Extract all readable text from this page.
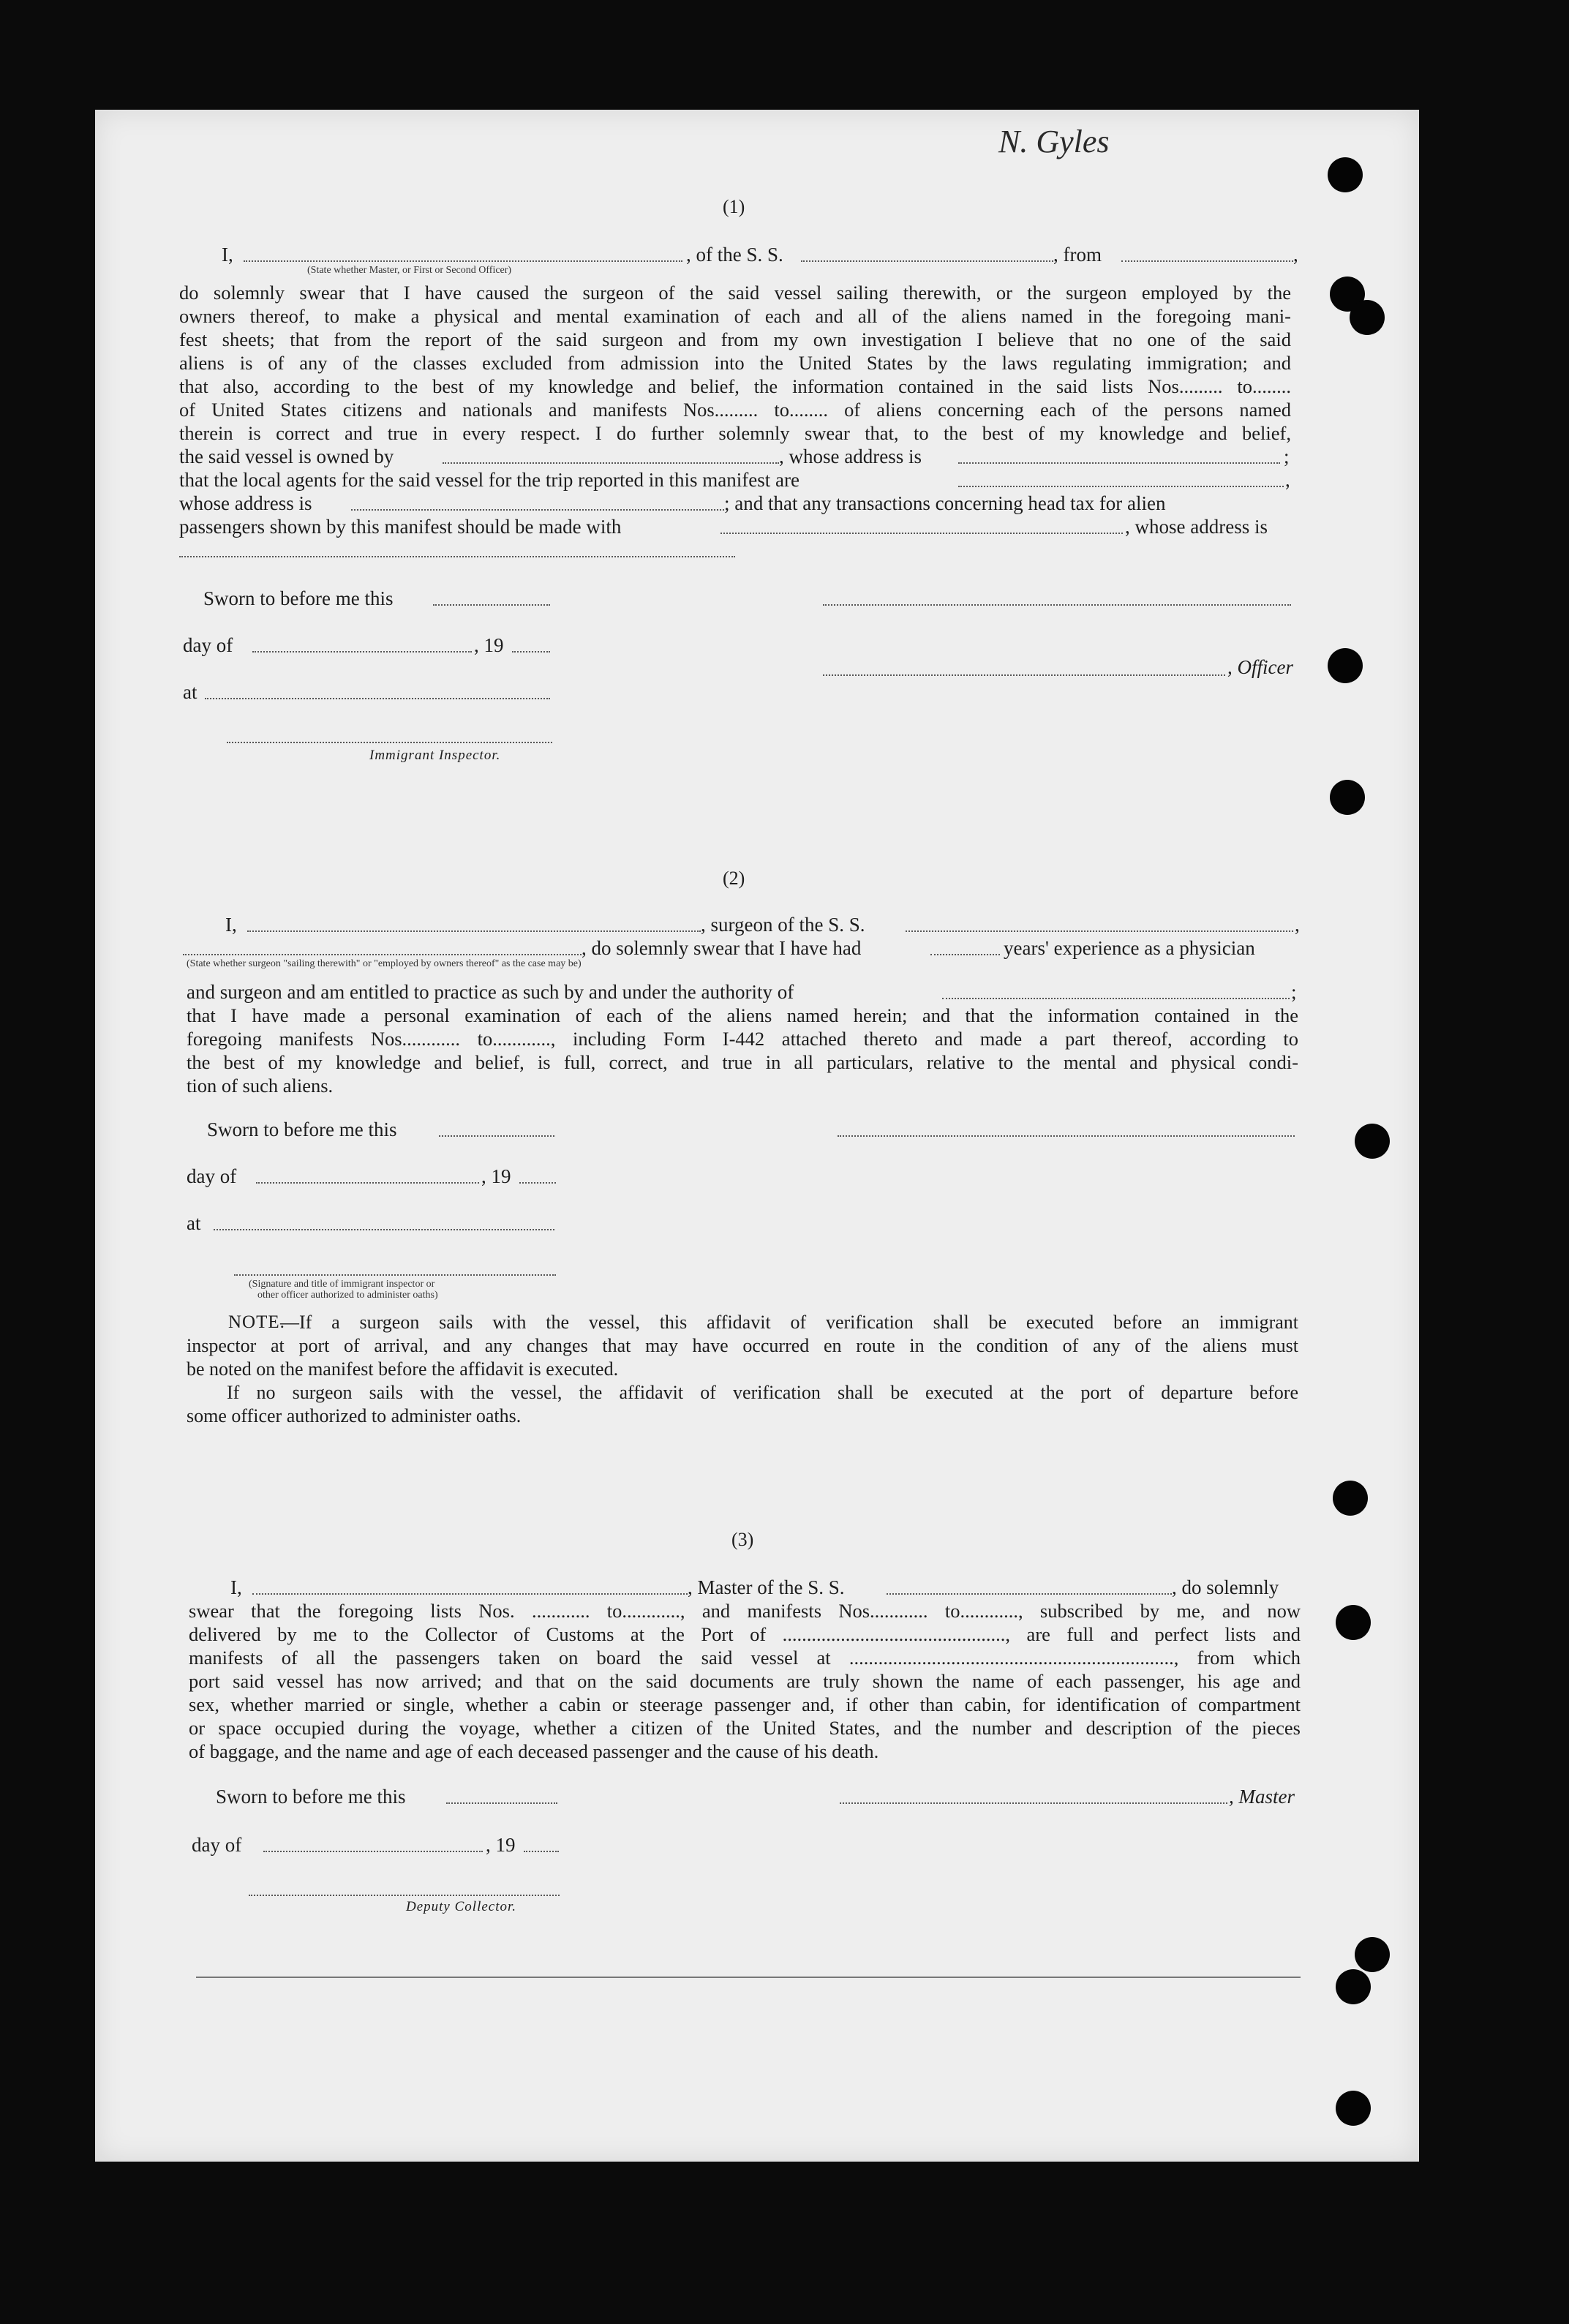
N. Gyles
(1)
I,	, of the S. S.	, from	,
(State whether Master, or First or Second Officer)
do solemnly swear that I have caused the surgeon of the said vessel sailing therewith, or the surgeon employed by the
owners thereof, to make a physical and mental examination of each and all of the aliens named in the foregoing mani-
fest sheets; that from the report of the said surgeon and from my own investigation I believe that no one of the said
aliens is of any of the classes excluded from admission into the United States by the laws regulating immigration; and
that also, according to the best of my knowledge and belief, the information contained in the said lists Nos......... to........
of United States citizens and nationals and manifests Nos......... to........ of aliens concerning each of the persons named
therein is correct and true in every respect. I do further solemnly swear that, to the best of my knowledge and belief,
the said vessel is owned by	, whose address is	;
that the local agents for the said vessel for the trip reported in this manifest are	,
whose address is	; and that any transactions concerning head tax for alien
passengers shown by this manifest should be made with	, whose address is
Sworn to before me this
day of	, 19
, Officer
at
Immigrant Inspector.
(2)
I,	, surgeon of the S. S.	,
, do solemnly swear that I have had	years' experience as a physician
(State whether surgeon "sailing therewith" or "employed by owners thereof" as the case may be)
and surgeon and am entitled to practice as such by and under the authority of	;
that I have made a personal examination of each of the aliens named herein; and that the information contained in the
foregoing manifests Nos............ to............, including Form I-442 attached thereto and made a part thereof, according to
the best of my knowledge and belief, is full, correct, and true in all particulars, relative to the mental and physical condi-
tion of such aliens.
Sworn to before me this
day of	, 19
at
(Signature and title of immigrant inspector or
other officer authorized to administer oaths)
NOTE.
—If a surgeon sails with the vessel, this affidavit of verification shall be executed before an immigrant
inspector at port of arrival, and any changes that may have occurred en route in the condition of any of the aliens must
be noted on the manifest before the affidavit is executed.
If no surgeon sails with the vessel, the affidavit of verification shall be executed at the port of departure before
some officer authorized to administer oaths.
(3)
I,	, Master of the S. S.	, do solemnly
swear that the foregoing lists Nos. ............ to............, and manifests Nos............ to............, subscribed by me, and now
delivered by me to the Collector of Customs at the Port of .............................................., are full and perfect lists and
manifests of all the passengers taken on board the said vessel at ..................................................................., from which
port said vessel has now arrived; and that on the said documents are truly shown the name of each passenger, his age and
sex, whether married or single, whether a cabin or steerage passenger and, if other than cabin, for identification of compartment
or space occupied during the voyage, whether a citizen of the United States, and the number and description of the pieces
of baggage, and the name and age of each deceased passenger and the cause of his death.
Sworn to before me this	, Master
day of	, 19
Deputy Collector.
